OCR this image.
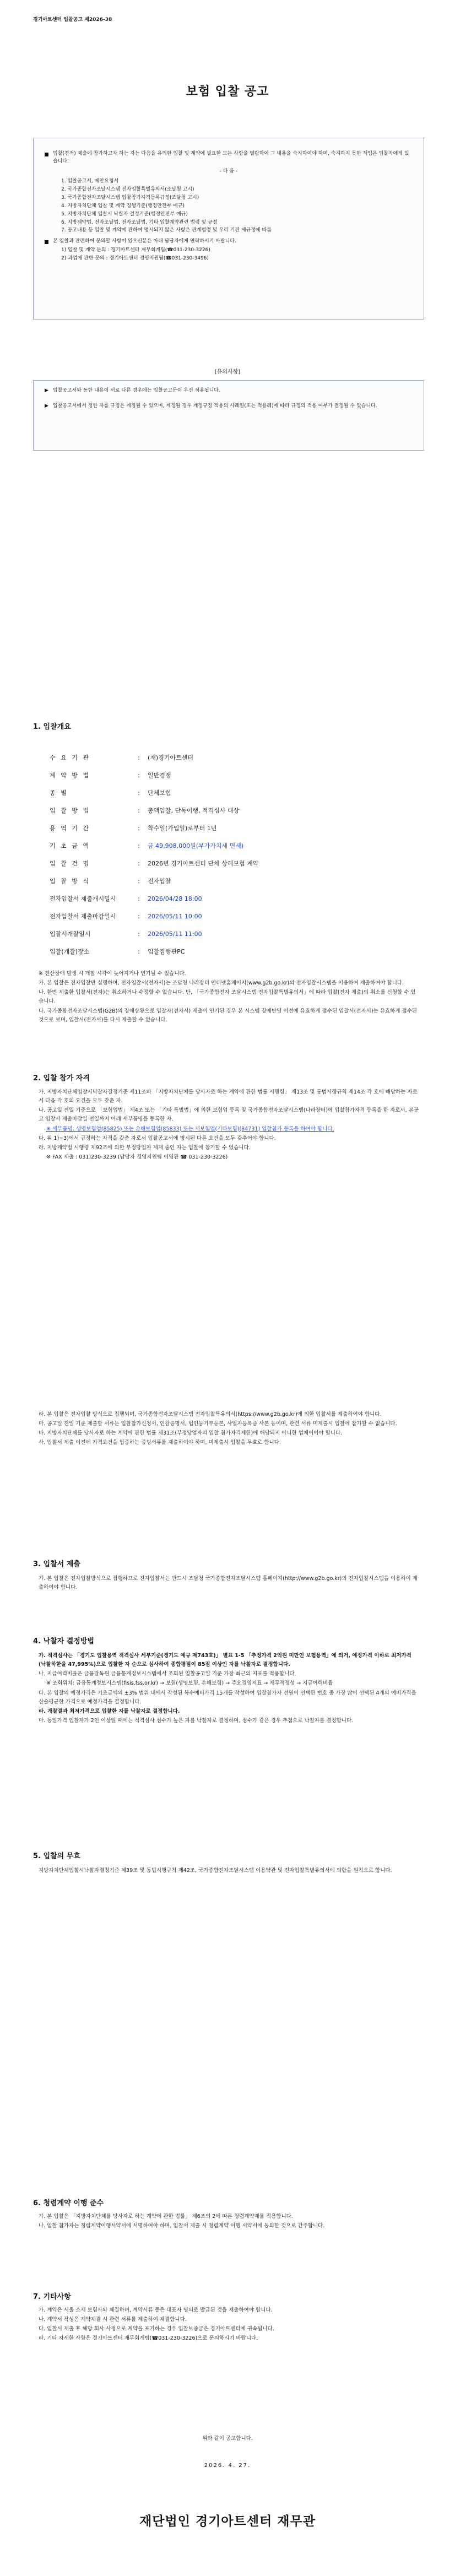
경기아트센터 입찰공고 제2026-38
보험 입찰 공고

입찰(견적) 제출에 참가하고자 하는 자는 다음을 유의한 입찰 및 계약에 필요한 모든 사항을 열람하여 그 내용을 숙지하여야 하며, 숙지하지 못한 책임은 입찰자에게 있습니다.

- 다 음 -
1. 입찰공고서, 제안요청서
2. 국가종합전자조달시스템 전자입찰특별유의서(조달청 고시)
3. 국가종합전자조달시스템 입찰참가자격등록규정(조달청 고시)
4. 지방자치단체 입찰 및 계약 집행기준(행정안전부 예규)
5. 지방자치단체 입찰시 낙찰자 결정기준(행정안전부 예규)
6. 지방계약법, 전자조달법, 전자조달법, 기타 입찰계약관련 법령 및 규정
7. 공고내용 등 입찰 및 계약에 관하여 명시되지 않은 사항은 관계법령 및 우리 기관 제규정에 따름

본 입찰과 관련하여 문의할 사항이 있으신분은 아래 담당자에게 연락하시기 바랍니다.

1) 입찰 및 계약 문의 : 경기아트센터 재무회계팀(☎031-230-3226)
2) 과업에 관한 문의 : 경기아트센터 경영지원팀(☎031-230-3496)
[유의사항]
▶ 입찰공고서와 동한 내용이 서로 다른 경우에는 입찰공고문이 우선 적용됩니다.

▶ 입찰공고서에서 정한 자를 규정은 계정될 수 있으며, 계정될 경우 계정규정 적용의 사례일(또는 적용례)에 따라 규정의 적용 여부가 결정될 수 있습니다.

1. 입찰개요
수 요 기 관	:	(재)경기아트센터
계 약 방 법	:	일반경쟁
종 별	:	단체보험
입 찰 방 법	:	총액입찰, 단독이행, 적격심사 대상
용 역 기 간	:	착수일(가입일)로부터 1년
기 초 금 액	:	금 49,908,000원(부가가치세 면세)
입 찰 건 명	:	2026년 경기아트센터 단체 상해보험 계약
입 찰 방 식	:	전자입찰
전자입찰서 제출개시일시	:	2026/04/28 18:00
전자입찰서 제출마감일시	:	2026/05/11 10:00
입찰서개찰일시	:	2026/05/11 11:00
입찰(개찰)장소	:	입찰집행관PC
※ 전산장애 발생 시 개찰 시각이 늦어지거나 연기될 수 있습니다.
가. 본 입찰은 전자입찰만 실행하며, 전자입찰서(전자서)는 조달청 나라장터 인터넷홈페이지(www.g2b.go.kr)의 전자입찰시스템을 이용하여 제출하여야 합니다.
나. 한번 제출한 입찰서(전자)는 취소하거나 수정할 수 없습니다. 단, 「국가종합전자 조달시스템 전자입찰특별유의서」에 따라 입찰(전자 제출)의 취소를 신청할 수 있습니다.
다. 국가종합전자조달시스템(G2B)의 장애상황으로 입찰자(전자서) 제출이 연기된 경우 본 시스템 장애반영 이전에 유효하게 접수된 입찰서(전자서)는 유효하게 접수된 것으로 보며, 입찰서(전자서)를 다시 제출할 수 없습니다.
2. 입찰 참가 자격
가. 지방자치단체입찰시낙찰자결정기준 제11조와 「지방자치단체를 당사자로 하는 계약에 관한 법률 시행령」 제13조 및 동법시행규칙 제14조 각 호에 해당하는 자로서 다음 각 호의 요건을 모두 갖춘 자.
나. 공고일 전일 기준으로 「보험업법」 제4조 또는 「기타 특별법」에 의한 보험업 등록 및 국가종합전자조달시스템(나라장터)에 입찰참가자격 등록을 한 자로서, 본공고 입찰서 제출마감일 전일까지 아래 세부품명을 등록한 자.
※ 세부품명: 생명보험업(85825) 또는 손해보험업(85833) 또는 재보험업(기타보험)(84731) 입찰참가 등록을 하여야 합니다.
다. 위 1)~3)에서 규정하는 자격을 갖춘 자로서 입찰공고서에 명시된 다른 요건을 모두 갖추어야 합니다.
라. 지방계약법 시행령 제92조에 의한 부정당업자 제재 중인 자는 입찰에 참가할 수 없습니다.
※ FAX 제출 : 031)230-3239 (담당자 경영지원팀 이영관 ☎ 031-230-3226)
라. 본 입찰은 전자입찰 방식으로 집행되며, 국가종합전자조달시스템 전자입찰특유의서(https://www.g2b.go.kr)에 의한 입찰서를 제출하여야 합니다.
마. 공고일 전일 기준 제출할 서류는 입찰참가신청서, 인감증명서, 법인등기부등본, 사업자등록증 사본 등이며, 관련 서류 미제출시 입찰에 참가할 수 없습니다.
바. 지방자치단체를 당사자로 하는 계약에 관한 법률 제31조(부정당업자의 입찰 참가자격제한)에 해당되지 아니한 업체이어야 합니다.
사. 입찰서 제출 이전에 자격요건을 입증하는 증빙서류를 제출하여야 하며, 미제출시 입찰을 무효로 합니다.
3. 입찰서 제출
가. 본 입찰은 전자입찰방식으로 집행하므로 전자입찰서는 반드시 조달청 국가종합전자조달시스템 홈페이지(http://www.g2b.go.kr)의 전자입찰시스템을 이용하여 제출하여야 합니다.
4. 낙찰자 결정방법
가. 적격심사는 「경기도 입찰용역 적격심사 세부기준(경기도 예규 제743호)」 별표 1-5 「추정가격 2억원 미만인 보험용역」에 의거, 예정가격 이하로 최저가격(낙찰하한율 47,995%)으로 입찰한 자 순으로 심사하여 종합평점이 85점 이상인 자를 낙찰자로 결정합니다.
나. 지급여력비율은 금융감독원 금융통계정보시스템에서 조회된 입찰공고일 기준 가장 최근의 지표를 적용합니다.
※ 조회위치: 금융통계정보시스템(fisis.fss.or.kr) → 보험(생명보험, 손해보험) → 주요경영지표 → 재무적정성 → 지급여력비율
다. 본 입찰의 예정가격은 기초금액의 ±3% 범위 내에서 작성된 복수예비가격 15개를 작성하여 입찰참가자 전원이 선택한 번호 중 가장 많이 선택된 4개의 예비가격을 산술평균한 가격으로 예정가격을 결정합니다.
라. 개찰결과 최저가격으로 입찰한 자를 낙찰자로 결정합니다.
마. 동일가격 입찰자가 2인 이상일 때에는 적격심사 점수가 높은 자를 낙찰자로 결정하며, 점수가 같은 경우 추첨으로 낙찰자를 결정합니다.
5. 입찰의 무효
지방자치단체입찰시낙찰자결정기준 제39조 및 동법시행규칙 제42조, 국가종합전자조달시스템 이용약관 및 전자입찰특별유의서에 의함을 원칙으로 합니다.
6. 청렴계약 이행 준수
가. 본 입찰은 「지방자치단체를 당사자로 하는 계약에 관한 법률」 제6조의 2에 따른 청렴계약제를 적용합니다.
나. 입찰 참가자는 청렴계약이행서약서에 서명하여야 하며, 입찰서 제출 시 청렴계약 이행 서약서에 동의한 것으로 간주합니다.
7. 기타사항
가. 계약은 서울 소재 보험사와 체결하며, 계약서류 등은 대표자 명의로 발급된 것을 제출하여야 합니다.
나. 계약서 작성은 계약체결 시 관련 서류를 제출하여 체결합니다.
다. 입찰서 제출 후 해당 회사 사정으로 계약을 포기하는 경우 입찰보증금은 경기아트센터에 귀속됩니다.
라. 기타 자세한 사항은 경기아트센터 재무회계팀(☎031-230-3226)으로 문의하시기 바랍니다.
위와 같이 공고합니다.
2026. 4. 27.
재단법인 경기아트센터 재무관
